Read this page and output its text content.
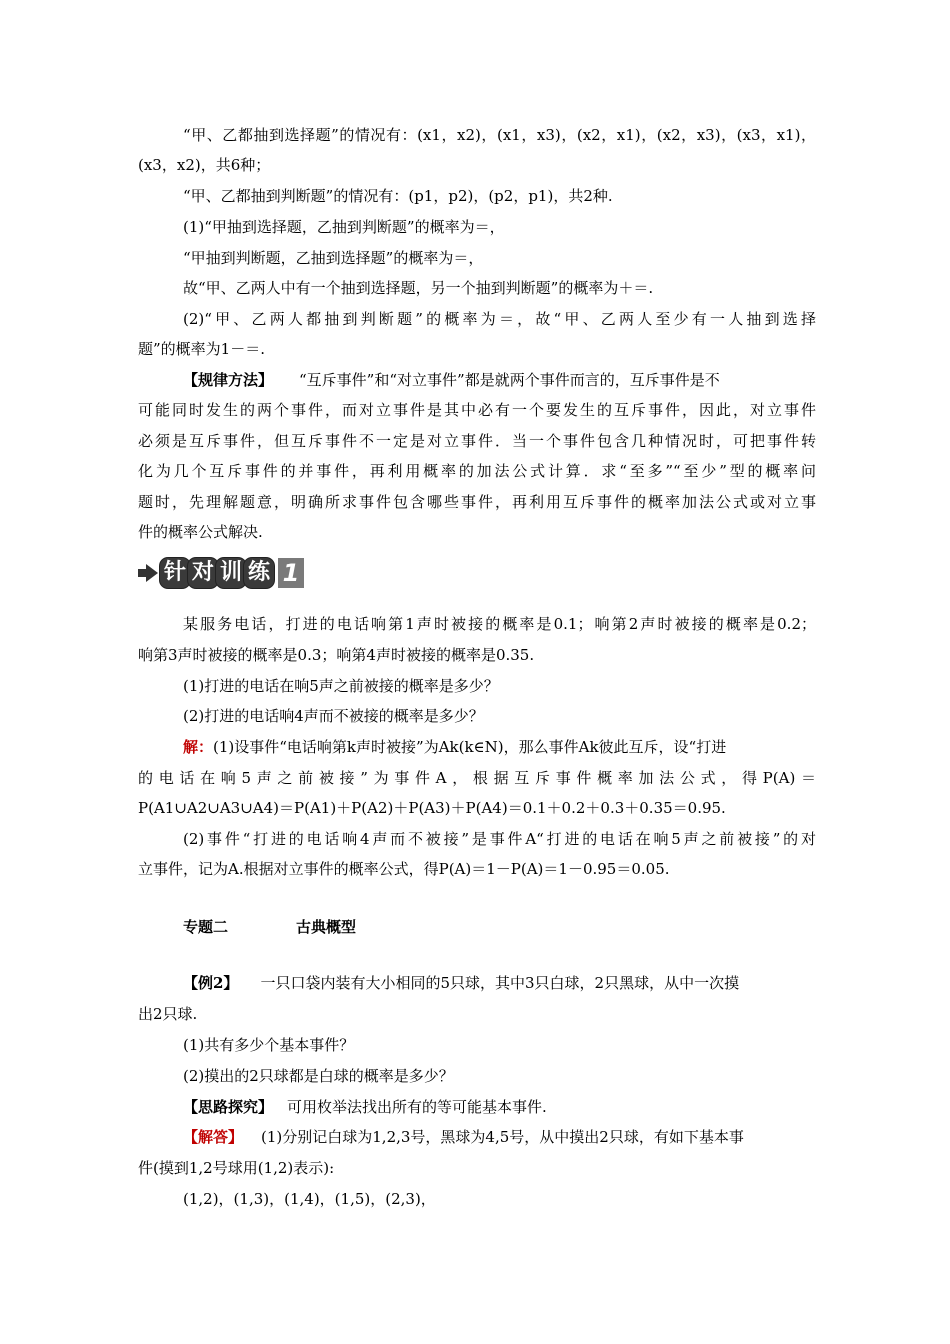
“甲、乙都抽到选择题”的情况有：(x1，x2)，(x1，x3)，(x2，x1)，(x2，x3)，(x3，x1)，
(x3，x2)，共6种；
“甲、乙都抽到判断题”的情况有：(p1，p2)，(p2，p1)，共2种.
(1)“甲抽到选择题，乙抽到判断题”的概率为＝，
“甲抽到判断题，乙抽到选择题”的概率为＝，
故“甲、乙两人中有一个抽到选择题，另一个抽到判断题”的概率为＋＝.
(2)“甲、乙两人都抽到判断题”的概率为＝，故“甲、乙两人至少有一人抽到选择
题”的概率为1－＝.
【规律方法】 “互斥事件”和“对立事件”都是就两个事件而言的，互斥事件是不
可能同时发生的两个事件，而对立事件是其中必有一个要发生的互斥事件，因此，对立事件
必须是互斥事件，但互斥事件不一定是对立事件．当一个事件包含几种情况时，可把事件转
化为几个互斥事件的并事件，再利用概率的加法公式计算．求“至多”“至少”型的概率问
题时，先理解题意，明确所求事件包含哪些事件，再利用互斥事件的概率加法公式或对立事
件的概率公式解决.
针 对 训 练 1
某服务电话，打进的电话响第1声时被接的概率是0.1；响第2声时被接的概率是0.2；
响第3声时被接的概率是0.3；响第4声时被接的概率是0.35.
(1)打进的电话在响5声之前被接的概率是多少？
(2)打进的电话响4声而不被接的概率是多少？
解：(1)设事件“电话响第k声时被接”为Ak(k∈N)，那么事件Ak彼此互斥，设“打进
的电话在响5声之前被接”为事件A，根据互斥事件概率加法公式，得P(A)＝
P(A1∪A2∪A3∪A4)＝P(A1)＋P(A2)＋P(A3)＋P(A4)＝0.1＋0.2＋0.3＋0.35＝0.95.
(2)事件“打进的电话响4声而不被接”是事件A“打进的电话在响5声之前被接”的对
立事件，记为A.根据对立事件的概率公式，得P(A)＝1－P(A)＝1－0.95＝0.05.
专题二	古典概型
【例2】 一只口袋内装有大小相同的5只球，其中3只白球，2只黑球，从中一次摸
出2只球.
(1)共有多少个基本事件？
(2)摸出的2只球都是白球的概率是多少？
【思路探究】 可用枚举法找出所有的等可能基本事件.
【解答】 (1)分别记白球为1,2,3号，黑球为4,5号，从中摸出2只球，有如下基本事
件(摸到1,2号球用(1,2)表示):
(1,2)，(1,3)，(1,4)，(1,5)，(2,3)，
